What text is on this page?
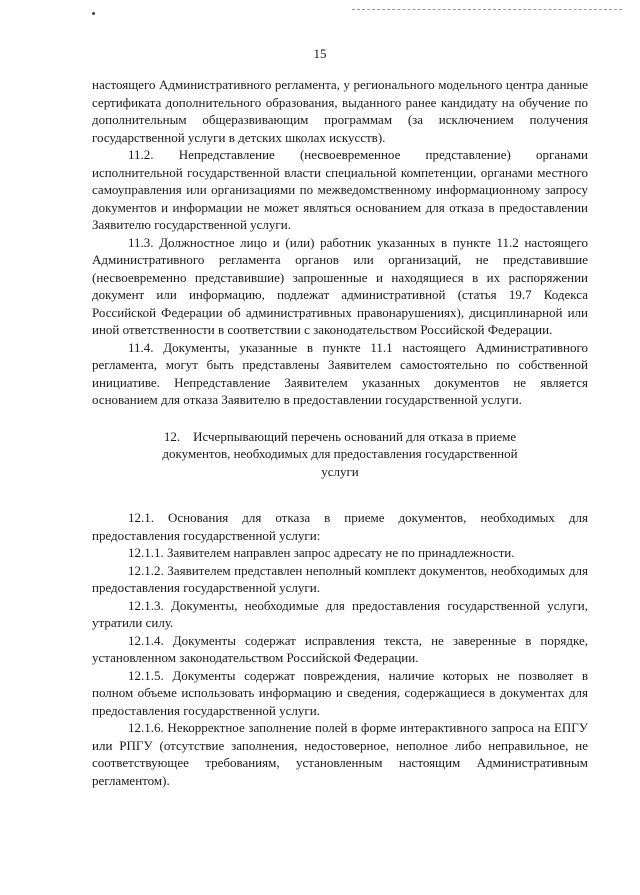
15

настоящего Административного регламента, у регионального модельного центра данные сертификата дополнительного образования, выданного ранее кандидату на обучение по дополнительным общеразвивающим программам (за исключением получения государственной услуги в детских школах искусств).

11.2. Непредставление (несвоевременное представление) органами исполнительной государственной власти специальной компетенции, органами местного самоуправления или организациями по межведомственному информационному запросу документов и информации не может являться основанием для отказа в предоставлении Заявителю государственной услуги.

11.3. Должностное лицо и (или) работник указанных в пункте 11.2 настоящего Административного регламента органов или организаций, не представившие (несвоевременно представившие) запрошенные и находящиеся в их распоряжении документ или информацию, подлежат административной (статья 19.7 Кодекса Российской Федерации об административных правонарушениях), дисциплинарной или иной ответственности в соответствии с законодательством Российской Федерации.

11.4. Документы, указанные в пункте 11.1 настоящего Административного регламента, могут быть представлены Заявителем самостоятельно по собственной инициативе. Непредставление Заявителем указанных документов не является основанием для отказа Заявителю в предоставлении государственной услуги.

12. Исчерпывающий перечень оснований для отказа в приеме документов, необходимых для предоставления государственной услуги

12.1. Основания для отказа в приеме документов, необходимых для предоставления государственной услуги:

12.1.1. Заявителем направлен запрос адресату не по принадлежности.

12.1.2. Заявителем представлен неполный комплект документов, необходимых для предоставления государственной услуги.

12.1.3. Документы, необходимые для предоставления государственной услуги, утратили силу.

12.1.4. Документы содержат исправления текста, не заверенные в порядке, установленном законодательством Российской Федерации.

12.1.5. Документы содержат повреждения, наличие которых не позволяет в полном объеме использовать информацию и сведения, содержащиеся в документах для предоставления государственной услуги.

12.1.6. Некорректное заполнение полей в форме интерактивного запроса на ЕПГУ или РПГУ (отсутствие заполнения, недостоверное, неполное либо неправильное, не соответствующее требованиям, установленным настоящим Административным регламентом).
